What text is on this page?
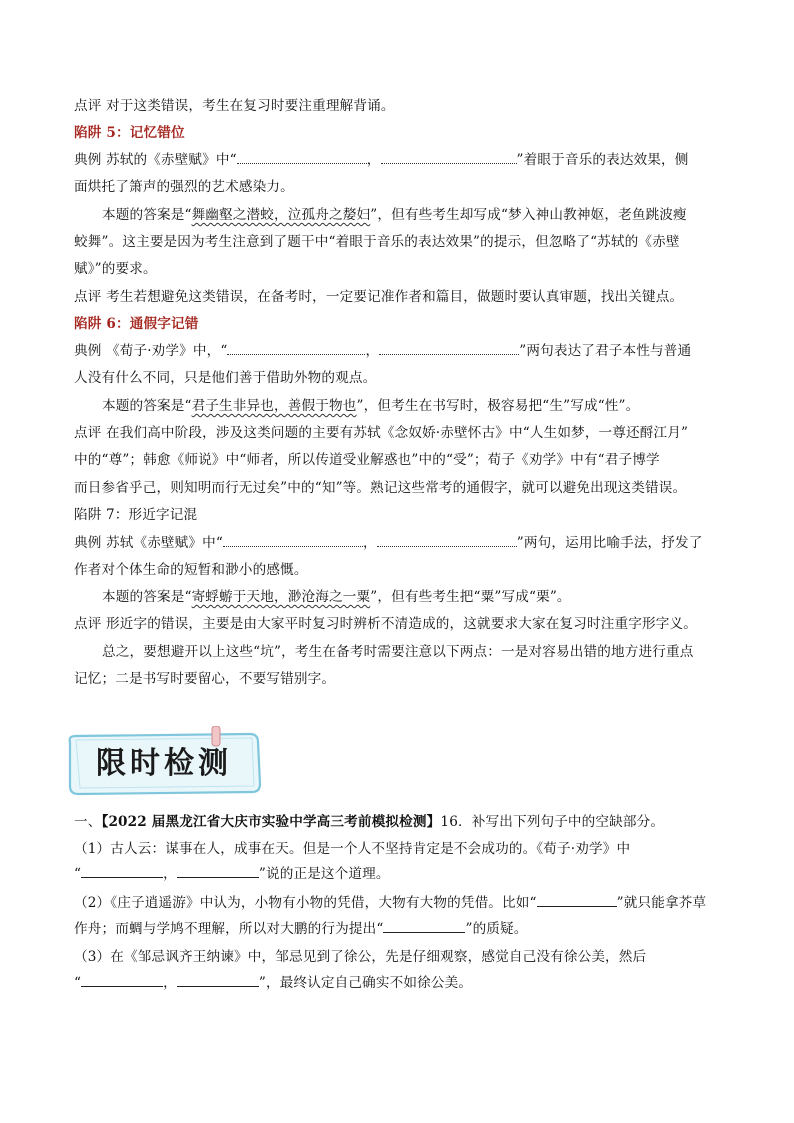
点评 对于这类错误，考生在复习时要注重理解背诵。
陷阱 5：记忆错位
典例 苏轼的《赤壁赋》中“	，	”着眼于音乐的表达效果，侧
面烘托了箫声的强烈的艺术感染力。
本题的答案是“舞幽壑之潜蛟，泣孤舟之嫠妇”，但有些考生却写成“梦入神山教神妪，老鱼跳波瘦
蛟舞”。这主要是因为考生注意到了题干中“着眼于音乐的表达效果”的提示，但忽略了“苏轼的《赤壁
赋》”的要求。
点评 考生若想避免这类错误，在备考时，一定要记准作者和篇目，做题时要认真审题，找出关键点。
陷阱 6：通假字记错
典例 《荀子·劝学》中，“	，	”两句表达了君子本性与普通
人没有什么不同，只是他们善于借助外物的观点。
本题的答案是“君子生非异也，善假于物也”，但考生在书写时，极容易把“生”写成“性”。
点评 在我们高中阶段，涉及这类问题的主要有苏轼《念奴娇·赤壁怀古》中“人生如梦，一尊还酹江月”
中的“尊”；韩愈《师说》中“师者，所以传道受业解惑也”中的“受”；荀子《劝学》中有“君子博学
而日参省乎己，则知明而行无过矣”中的“知”等。熟记这些常考的通假字，就可以避免出现这类错误。
陷阱 7：形近字记混
典例 苏轼《赤壁赋》中“	，	”两句，运用比喻手法，抒发了
作者对个体生命的短暂和渺小的感慨。
本题的答案是“寄蜉蝣于天地，渺沧海之一粟”，但有些考生把“粟”写成“栗”。
点评 形近字的错误，主要是由大家平时复习时辨析不清造成的，这就要求大家在复习时注重字形字义。
总之，要想避开以上这些“坑”，考生在备考时需要注意以下两点：一是对容易出错的地方进行重点
记忆；二是书写时要留心，不要写错别字。
一、【2022 届黑龙江省大庆市实验中学高三考前模拟检测】16．补写出下列句子中的空缺部分。
（1）古人云：谋事在人，成事在天。但是一个人不坚持肯定是不会成功的。《荀子·劝学》中
“	，	”说的正是这个道理。
（2）《庄子逍遥游》中认为，小物有小物的凭借，大物有大物的凭借。比如“	”就只能拿芥草
作舟；而蜩与学鸠不理解，所以对大鹏的行为提出“	”的质疑。
（3）在《邹忌讽齐王纳谏》中，邹忌见到了徐公，先是仔细观察，感觉自己没有徐公美，然后
“	，	”，最终认定自己确实不如徐公美。
限时检测
